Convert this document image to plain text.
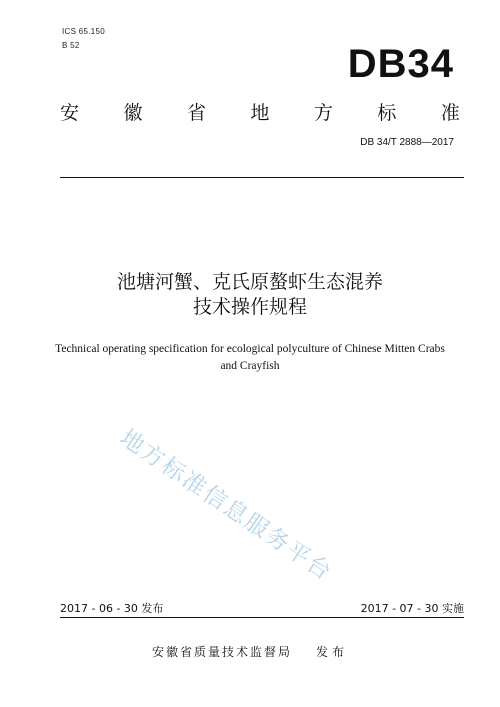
ICS 65.150
B 52	DB34
安 徽 省 地 方 标 准
DB 34/T 2888—2017
池塘河蟹、克氏原螯虾生态混养
技术操作规程
Technical operating specification for ecological polyculture of Chinese Mitten Crabs
and Crayfish
地方标准信息服务平台
2017 - 06 - 30 发布	2017 - 07 - 30 实施
安徽省质量技术监督局 发布
